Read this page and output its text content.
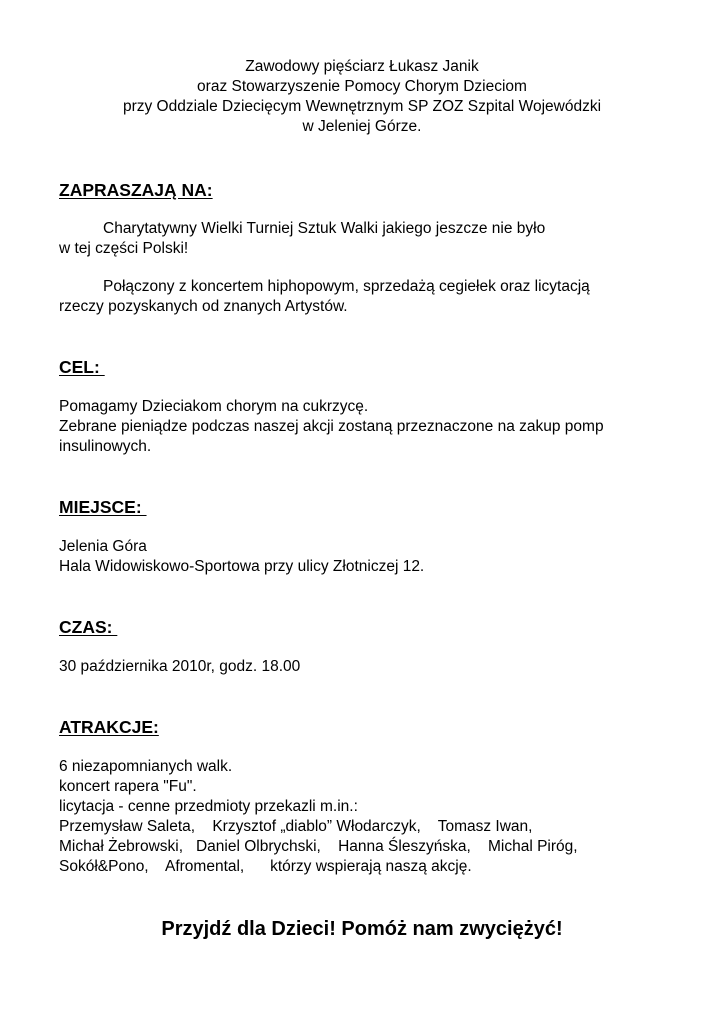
Zawodowy pięściarz Łukasz Janik
oraz Stowarzyszenie Pomocy Chorym Dzieciom
przy Oddziale Dziecięcym Wewnętrznym SP ZOZ Szpital Wojewódzki
w Jeleniej Górze.
ZAPRASZAJĄ NA:
Charytatywny Wielki Turniej Sztuk Walki jakiego jeszcze nie było
w tej części Polski!
Połączony z koncertem hiphopowym, sprzedażą cegiełek oraz licytacją
rzeczy pozyskanych od znanych Artystów.
CEL:
Pomagamy Dzieciakom chorym na cukrzycę.
Zebrane pieniądze podczas naszej akcji zostaną przeznaczone na zakup pomp
insulinowych.
MIEJSCE:
Jelenia Góra
Hala Widowiskowo-Sportowa przy ulicy Złotniczej 12.
CZAS:
30 października 2010r, godz. 18.00
ATRAKCJE:
6 niezapomnianych walk.
koncert rapera "Fu".
licytacja - cenne przedmioty przekazli m.in.:
Przemysław Saleta,    Krzysztof „diablo” Włodarczyk,    Tomasz Iwan,
Michał Żebrowski,   Daniel Olbrychski,    Hanna Śleszyńska,    Michal Piróg,
Sokół&Pono,    Afromental,      którzy wspierają naszą akcję.
Przyjdź dla Dzieci! Pomóż nam zwyciężyć!
